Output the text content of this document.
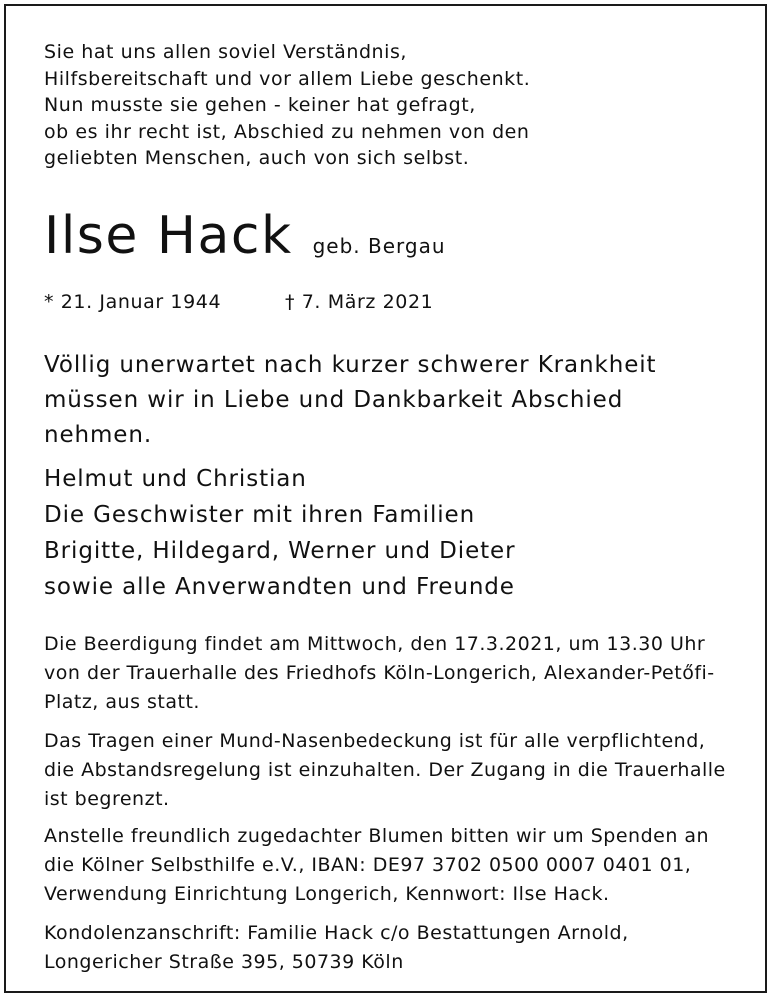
Sie hat uns allen soviel Verständnis,
Hilfsbereitschaft und vor allem Liebe geschenkt.
Nun musste sie gehen - keiner hat gefragt,
ob es ihr recht ist, Abschied zu nehmen von den
geliebten Menschen, auch von sich selbst.
Ilse Hack geb. Bergau
* 21. Januar 1944	† 7. März 2021
Völlig unerwartet nach kurzer schwerer Krankheit
müssen wir in Liebe und Dankbarkeit Abschied
nehmen.
Helmut und Christian
Die Geschwister mit ihren Familien
Brigitte, Hildegard, Werner und Dieter
sowie alle Anverwandten und Freunde
Die Beerdigung findet am Mittwoch, den 17.3.2021, um 13.30 Uhr
von der Trauerhalle des Friedhofs Köln-Longerich, Alexander-Petőfi-
Platz, aus statt.
Das Tragen einer Mund-Nasenbedeckung ist für alle verpflichtend,
die Abstandsregelung ist einzuhalten. Der Zugang in die Trauerhalle
ist begrenzt.
Anstelle freundlich zugedachter Blumen bitten wir um Spenden an
die Kölner Selbsthilfe e.V., IBAN: DE97 3702 0500 0007 0401 01,
Verwendung Einrichtung Longerich, Kennwort: Ilse Hack.
Kondolenzanschrift: Familie Hack c/o Bestattungen Arnold,
Longericher Straße 395, 50739 Köln
